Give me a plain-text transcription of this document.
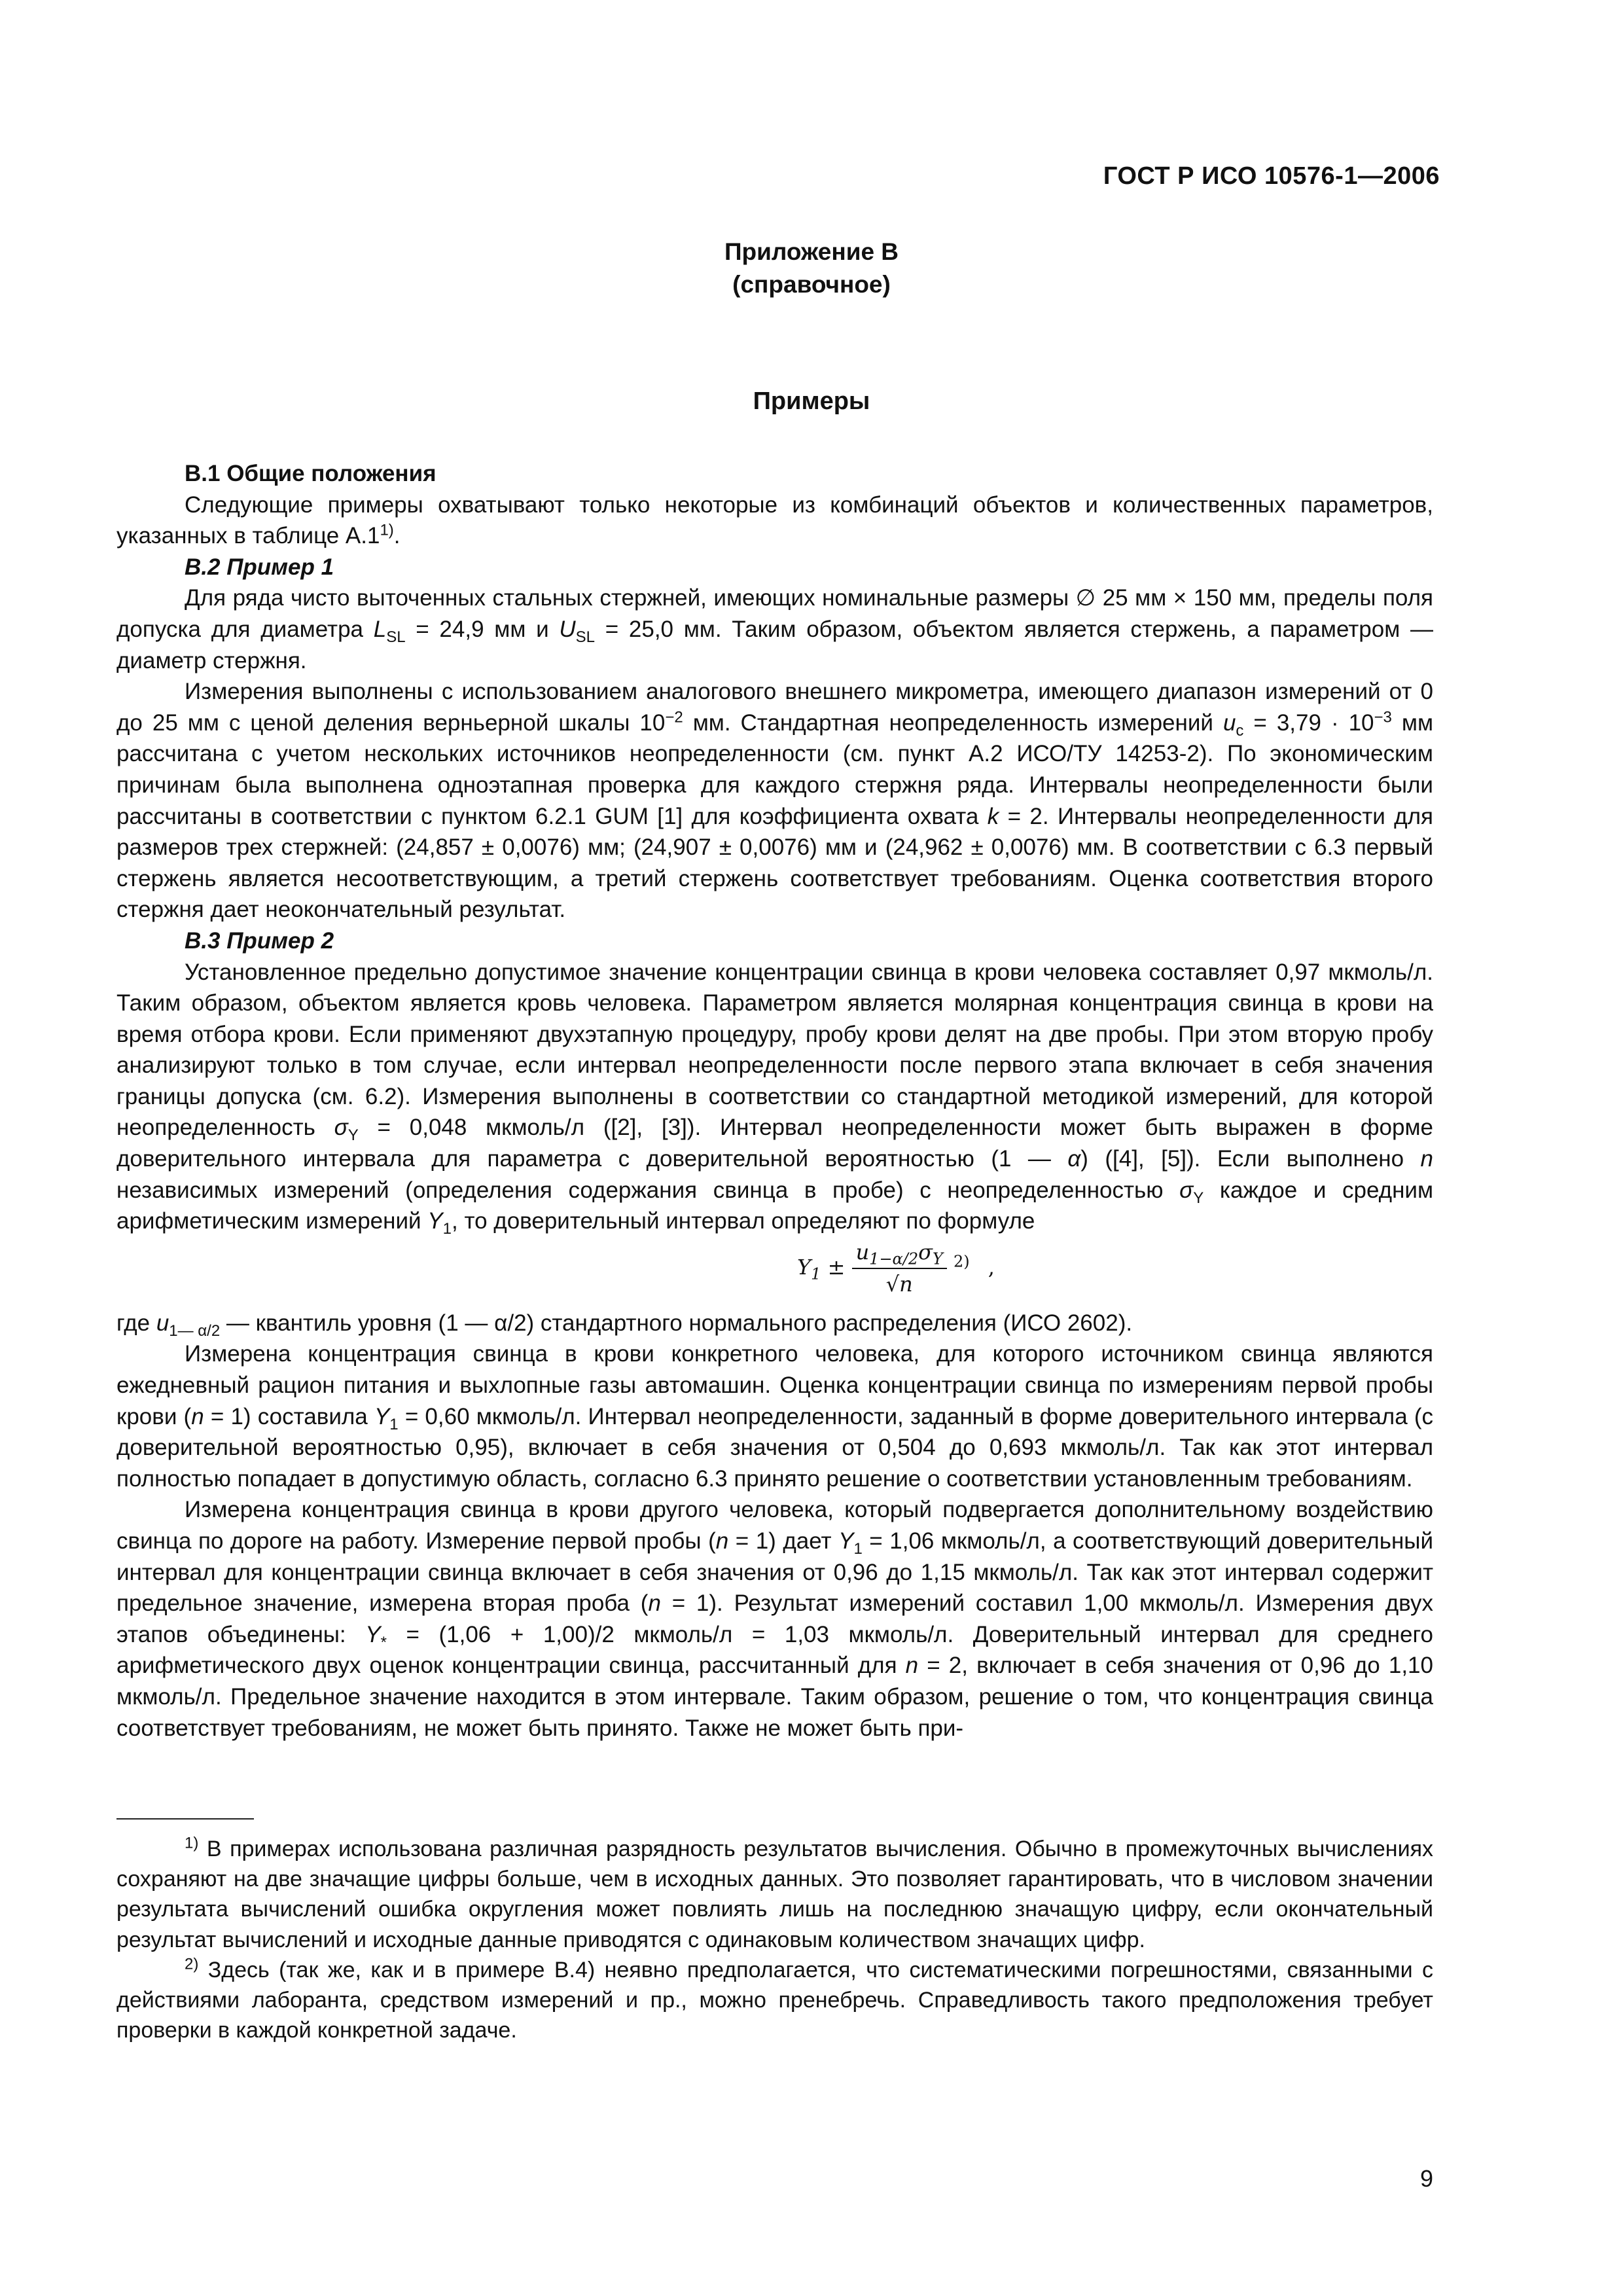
ГОСТ Р ИСО 10576-1—2006
Приложение В
(справочное)
Примеры

В.1 Общие положения

Следующие примеры охватывают только некоторые из комбинаций объектов и количественных параметров, указанных в таблице А.1$^{1)}$.

В.2 Пример 1

Для ряда чисто выточенных стальных стержней, имеющих номинальные размеры ∅ 25 мм × 150 мм, пределы поля допуска для диаметра $L_{SL} = 24,9$ мм и $U_{SL} = 25,0$ мм. Таким образом, объектом является стержень, а параметром — диаметр стержня.

Измерения выполнены с использованием аналогового внешнего микрометра, имеющего диапазон измерений от 0 до 25 мм с ценой деления верньерной шкалы $10^{-2}$ мм. Стандартная неопределенность измерений $u_c = 3,79 \cdot 10^{-3}$ мм рассчитана с учетом нескольких источников неопределенности (см. пункт А.2 ИСО/ТУ 14253-2). По экономическим причинам была выполнена одноэтапная проверка для каждого стержня ряда. Интервалы неопределенности были рассчитаны в соответствии с пунктом 6.2.1 GUM [1] для коэффициента охвата k = 2. Интервалы неопределенности для размеров трех стержней: (24,857 ± 0,0076) мм; (24,907 ± 0,0076) мм и (24,962 ± 0,0076) мм. В соответствии с 6.3 первый стержень является несоответствующим, а третий стержень соответствует требованиям. Оценка соответствия второго стержня дает неокончательный результат.

В.3 Пример 2

Установленное предельно допустимое значение концентрации свинца в крови человека составляет 0,97 мкмоль/л. Таким образом, объектом является кровь человека. Параметром является молярная концентрация свинца в крови на время отбора крови. Если применяют двухэтапную процедуру, пробу крови делят на две пробы. При этом вторую пробу анализируют только в том случае, если интервал неопределенности после первого этапа включает в себя значения границы допуска (см. 6.2). Измерения выполнены в соответствии со стандартной методикой измерений, для которой неопределенность $\sigma_Y = 0,048$ мкмоль/л ([2], [3]). Интервал неопределенности может быть выражен в форме доверительного интервала для параметра с доверительной вероятностью (1 — α) ([4], [5]). Если выполнено n независимых измерений (определения содержания свинца в пробе) с неопределенностью $\sigma_Y$ каждое и средним арифметическим измерений $Y_1$, то доверительный интервал определяют по формуле

$Y_1 \pm \frac{u_{1-\alpha/2}\sigma_Y}{√n} ^{2)}$ ,

где $u_{1— \alpha/2}$ — квантиль уровня (1 — α/2) стандартного нормального распределения (ИСО 2602).

Измерена концентрация свинца в крови конкретного человека, для которого источником свинца являются ежедневный рацион питания и выхлопные газы автомашин. Оценка концентрации свинца по измерениям первой пробы крови (n = 1) составила $Y_1 = 0,60$ мкмоль/л. Интервал неопределенности, заданный в форме доверительного интервала (с доверительной вероятностью 0,95), включает в себя значения от 0,504 до 0,693 мкмоль/л. Так как этот интервал полностью попадает в допустимую область, согласно 6.3 принято решение о соответствии установленным требованиям.

Измерена концентрация свинца в крови другого человека, который подвергается дополнительному воздействию свинца по дороге на работу. Измерение первой пробы (n = 1) дает $Y_1 = 1,06$ мкмоль/л, а соответствующий доверительный интервал для концентрации свинца включает в себя значения от 0,96 до 1,15 мкмоль/л. Так как этот интервал содержит предельное значение, измерена вторая проба (n = 1). Результат измерений составил 1,00 мкмоль/л. Измерения двух этапов объединены: $Y_* = (1,06 + 1,00)/2$ мкмоль/л = 1,03 мкмоль/л. Доверительный интервал для среднего арифметического двух оценок концентрации свинца, рассчитанный для n = 2, включает в себя значения от 0,96 до 1,10 мкмоль/л. Предельное значение находится в этом интервале. Таким образом, решение о том, что концентрация свинца соответствует требованиям, не может быть принято. Также не может быть при-

$^{1)}$ В примерах использована различная разрядность результатов вычисления. Обычно в промежуточных вычислениях сохраняют на две значащие цифры больше, чем в исходных данных. Это позволяет гарантировать, что в числовом значении результата вычислений ошибка округления может повлиять лишь на последнюю значащую цифру, если окончательный результат вычислений и исходные данные приводятся с одинаковым количеством значащих цифр.

$^{2)}$ Здесь (так же, как и в примере В.4) неявно предполагается, что систематическими погрешностями, связанными с действиями лаборанта, средством измерений и пр., можно пренебречь. Справедливость такого предположения требует проверки в каждой конкретной задаче.

9
